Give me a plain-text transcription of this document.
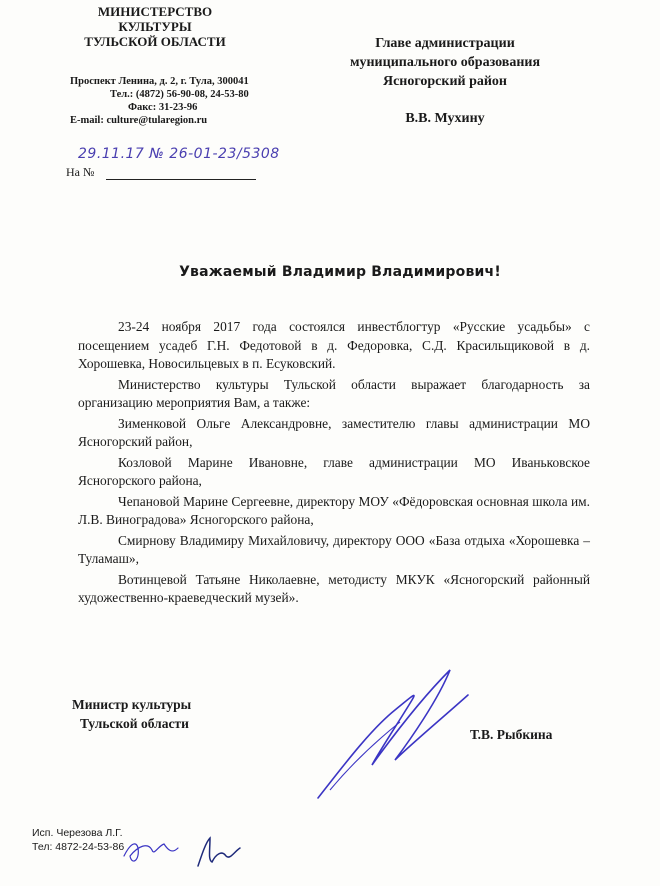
МИНИСТЕРСТВО
КУЛЬТУРЫ
ТУЛЬСКОЙ ОБЛАСТИ
Проспект Ленина, д. 2, г. Тула, 300041
Тел.: (4872) 56-90-08, 24-53-80
Факс: 31-23-96
E-mail: culture@tularegion.ru
Главе администрации
муниципального образования
Ясногорский район
В.В. Мухину
29.11.17 № 26-01-23/5308
На №
Уважаемый Владимир Владимирович!

23-24 ноября 2017 года состоялся инвестблогтур «Русские усадьбы» с посещением усадеб Г.Н. Федотовой в д. Федоровка, С.Д. Красильщиковой в д. Хорошевка, Новосильцевых в п. Есуковский.

Министерство культуры Тульской области выражает благодарность за организацию мероприятия Вам, а также:

Зименковой Ольге Александровне, заместителю главы администрации МО Ясногорский район,

Козловой Марине Ивановне, главе администрации МО Иваньковское Ясногорского района,

Чепановой Марине Сергеевне, директору МОУ «Фёдоровская основная школа им. Л.В. Виноградова» Ясногорского района,

Смирнову Владимиру Михайловичу, директору ООО «База отдыха «Хорошевка – Туламаш»,

Вотинцевой Татьяне Николаевне, методисту МКУК «Ясногорский районный художественно-краеведческий музей».

Министр культуры
Тульской области
Т.В. Рыбкина
Исп. Черезова Л.Г.
Тел: 4872-24-53-86
